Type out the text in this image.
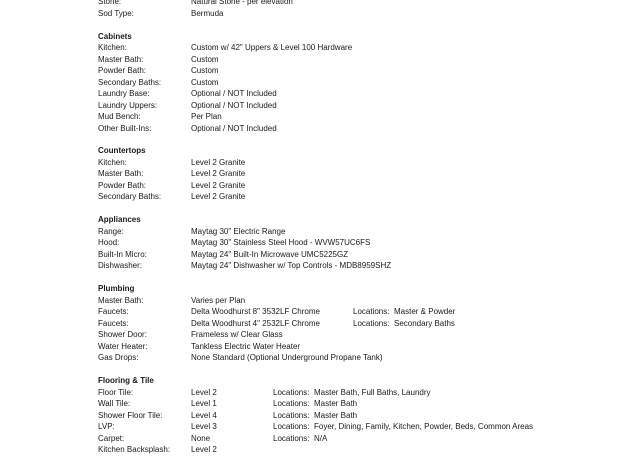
Stone:	Natural Stone - per elevation
Sod Type:	Bermuda
Cabinets
Kitchen:	Custom w/ 42" Uppers & Level 100 Hardware
Master Bath:	Custom
Powder Bath:	Custom
Secondary Baths:	Custom
Laundry Base:	Optional / NOT Included
Laundry Uppers:	Optional / NOT Included
Mud Bench:	Per Plan
Other Built-Ins:	Optional / NOT Included
Countertops
Kitchen:	Level 2 Granite
Master Bath:	Level 2 Granite
Powder Bath:	Level 2 Granite
Secondary Baths:	Level 2 Granite
Appliances
Range:	Maytag 30" Electric Range
Hood:	Maytag 30" Stainless Steel Hood - WVW57UC6FS
Built-In Micro:	Maytag 24" Built-In Microwave UMC5225GZ
Dishwasher:	Maytag 24" Dishwasher w/ Top Controls - MDB8959SHZ
Plumbing
Master Bath:	Varies per Plan
Faucets:	Delta Woodhurst 8" 3532LF Chrome	Locations: Master & Powder
Faucets:	Delta Woodhurst 4" 2532LF Chrome	Locations: Secondary Baths
Shower Door:	Frameless w/ Clear Glass
Water Heater:	Tankless Electric Water Heater
Gas Drops:	None Standard (Optional Underground Propane Tank)
Flooring & Tile
Floor Tile:	Level 2	Locations: Master Bath, Full Baths, Laundry
Wall Tile:	Level 1	Locations: Master Bath
Shower Floor Tile:	Level 4	Locations: Master Bath
LVP:	Level 3	Locations: Foyer, Dining, Family, Kitchen, Powder, Beds, Common Areas
Carpet:	None	Locations: N/A
Kitchen Backsplash:	Level 2
